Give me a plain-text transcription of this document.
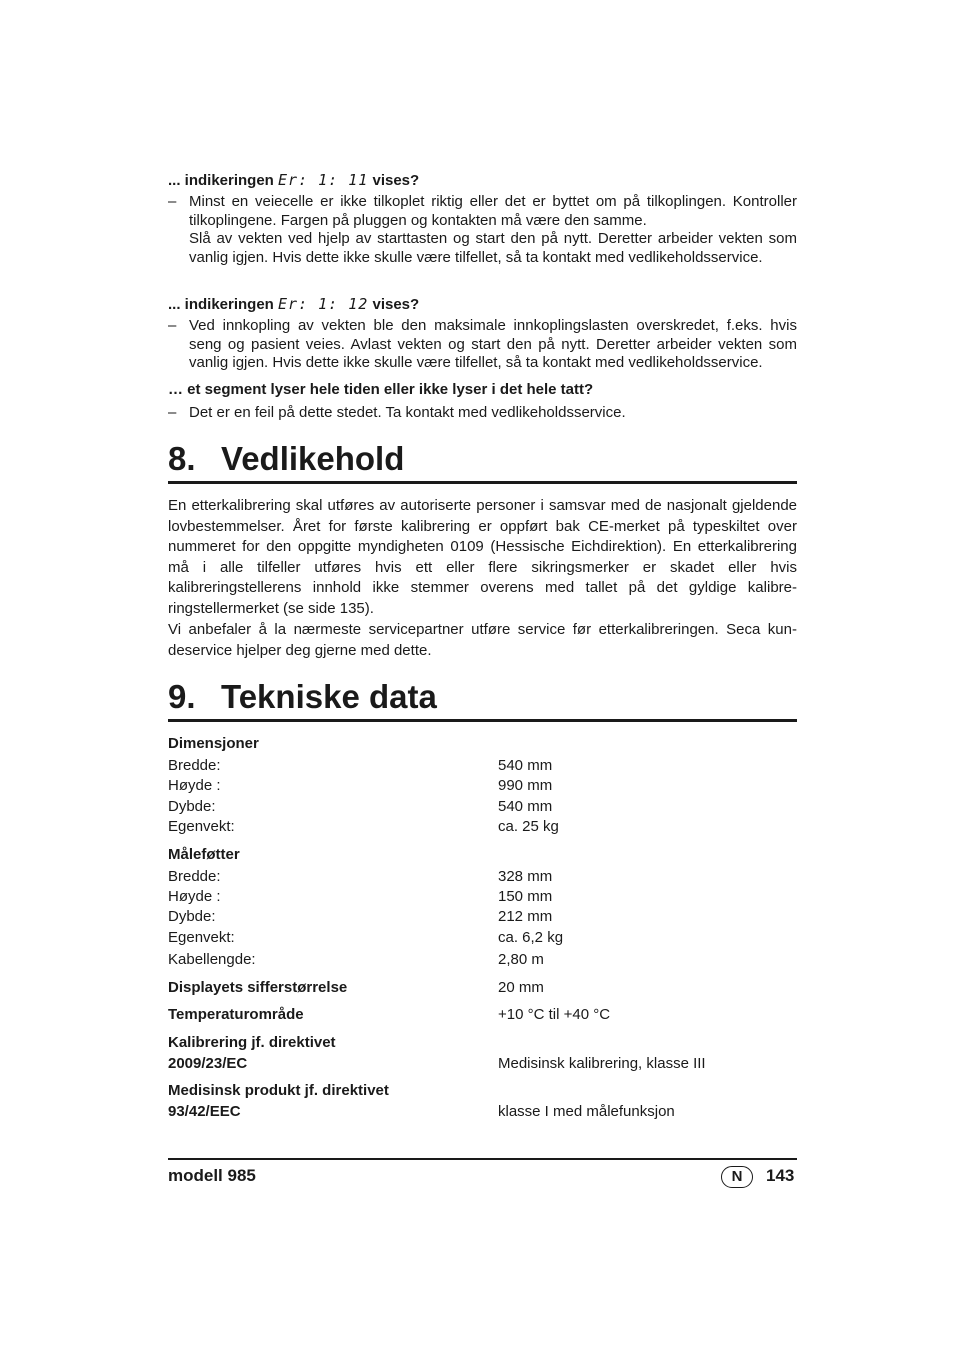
... indikeringen Er: 1: 11 vises?
– Minst en veiecelle er ikke tilkoplet riktig eller det er byttet om på tilkoplingen. Kontroller tilkoplingene. Fargen på pluggen og kontakten må være den samme.

Slå av vekten ved hjelp av starttasten og start den på nytt. Deretter arbeider vekten som vanlig igjen. Hvis dette ikke skulle være tilfellet, så ta kontakt med vedlikeholdsservice.

... indikeringen Er: 1: 12 vises?
– Ved innkopling av vekten ble den maksimale innkoplingslasten overskredet, f.eks. hvis seng og pasient veies. Avlast vekten og start den på nytt. Deretter arbeider vekten som vanlig igjen. Hvis dette ikke skulle være tilfellet, så ta kontakt med vedlikeholdsservice.

… et segment lyser hele tiden eller ikke lyser i det hele tatt?
– Det er en feil på dette stedet. Ta kontakt med vedlikeholdsservice.

8. Vedlikehold

En etterkalibrering skal utføres av autoriserte personer i samsvar med de nasjonalt gjeldende lovbestemmelser. Året for første kalibrering er oppført bak CE-merket på typeskiltet over nummeret for den oppgitte myndigheten 0109 (Hessische Eichdirektion). En etterkalibrering må i alle tilfeller utføres hvis ett eller flere sikringsmerker er skadet eller hvis kalibreringstellerens innhold ikke stemmer overens med tallet på det gyldige kalibreringstellermerket (se side 135).

Vi anbefaler å la nærmeste servicepartner utføre service før etterkalibreringen. Seca kundeservice hjelper deg gjerne med dette.

9. Tekniske data
Dimensjoner
Bredde:	540 mm
Høyde :	990 mm
Dybde:	540 mm
Egenvekt:	ca. 25 kg
Måleføtter
Bredde:	328 mm
Høyde :	150 mm
Dybde:	212 mm
Egenvekt:	ca. 6,2 kg
Kabellengde:	2,80 m
Displayets sifferstørrelse	20 mm
Temperaturområde	+10 °C til +40 °C
Kalibrering jf. direktivet
2009/23/EC	Medisinsk kalibrering, klasse III
Medisinsk produkt jf. direktivet
93/42/EEC	klasse I med målefunksjon
modell 985	N	143
